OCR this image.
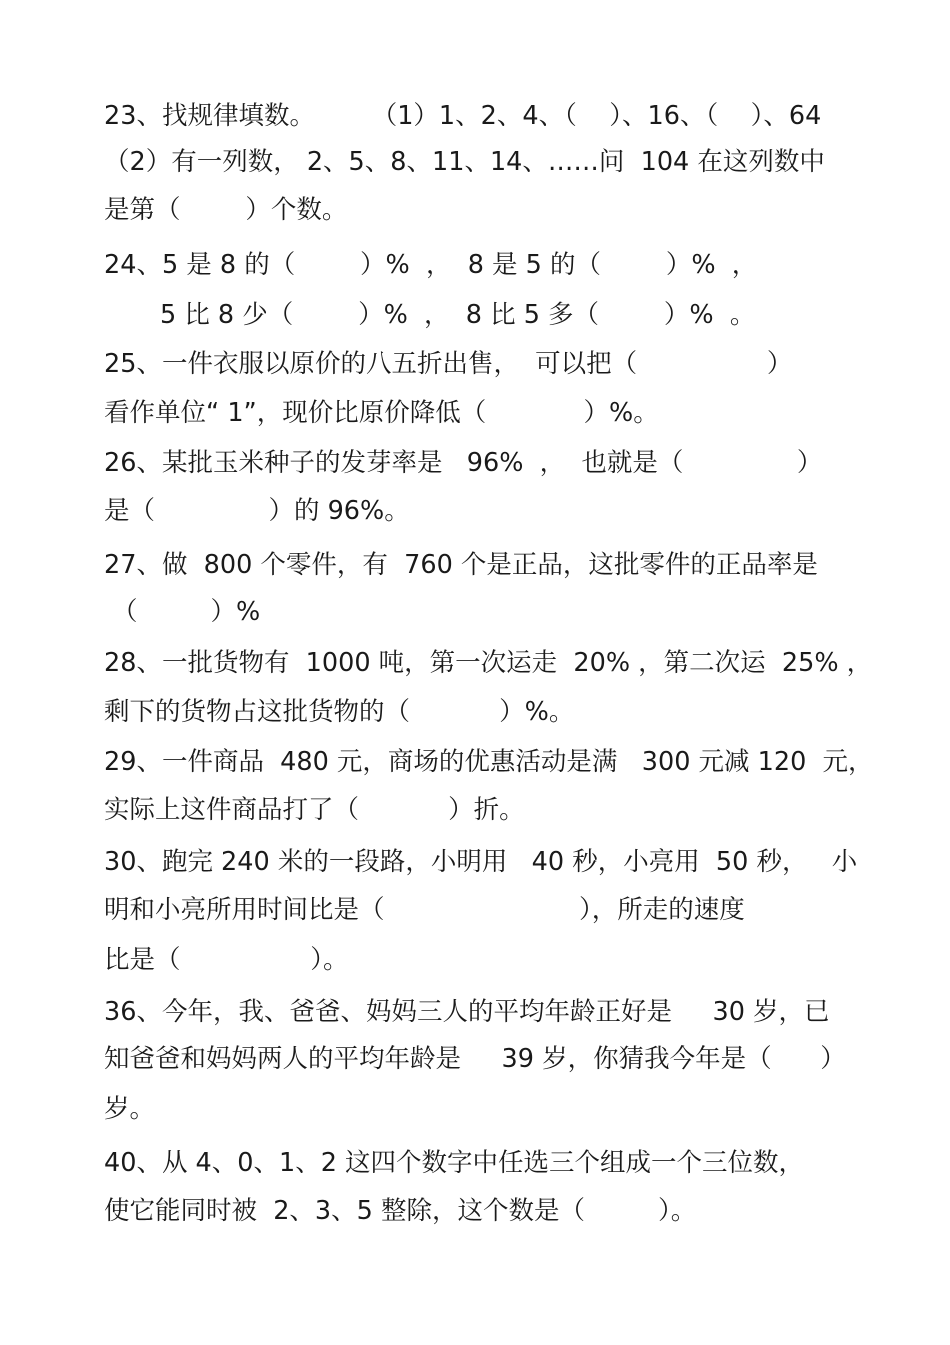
23、找规律填数。       （1）1、2、4、（    ）、16、（    ）、64

（2）有一列数， 2、5、8、11、14、……问  104 在这列数中

是第（        ）个数。

24、5 是 8 的（        ）%  ，  8 是 5 的（        ）%  ，

5 比 8 少（        ）%  ，  8 比 5 多（        ）%  。

25、一件衣服以原价的八五折出售，  可以把（                ）

看作单位“ 1”，现价比原价降低（            ）%。

26、某批玉米种子的发芽率是   96%  ，  也就是（              ）

是（              ）的 96%。

27、做  800 个零件，有  760 个是正品，这批零件的正品率是

（         ）%

28、一批货物有  1000 吨，第一次运走  20% ，第二次运  25% ，

剩下的货物占这批货物的（           ）%。

29、一件商品  480 元，商场的优惠活动是满   300 元减 120  元，

实际上这件商品打了（           ）折。

30、跑完 240 米的一段路，小明用   40 秒，小亮用  50 秒，   小

明和小亮所用时间比是（                        ），所走的速度

比是（                ）。

36、今年，我、爸爸、妈妈三人的平均年龄正好是     30 岁，已

知爸爸和妈妈两人的平均年龄是     39 岁，你猜我今年是（      ）

岁。

40、从 4、0、1、2 这四个数字中任选三个组成一个三位数，

使它能同时被  2、3、5 整除，这个数是（         ）。
